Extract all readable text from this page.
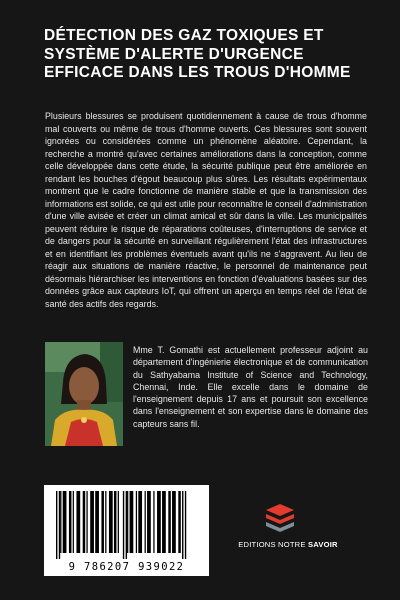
DÉTECTION DES GAZ TOXIQUES ET SYSTÈME D'ALERTE D'URGENCE EFFICACE DANS LES TROUS D'HOMME
Plusieurs blessures se produisent quotidiennement à cause de trous d'homme mal couverts ou même de trous d'homme ouverts. Ces blessures sont souvent ignorées ou considérées comme un phénomène aléatoire. Cependant, la recherche a montré qu'avec certaines améliorations dans la conception, comme celle développée dans cette étude, la sécurité publique peut être améliorée en rendant les bouches d'égout beaucoup plus sûres. Les résultats expérimentaux montrent que le cadre fonctionne de manière stable et que la transmission des informations est solide, ce qui est utile pour reconnaître le conseil d'administration d'une ville avisée et créer un climat amical et sûr dans la ville. Les municipalités peuvent réduire le risque de réparations coûteuses, d'interruptions de service et de dangers pour la sécurité en surveillant régulièrement l'état des infrastructures et en identifiant les problèmes éventuels avant qu'ils ne s'aggravent. Au lieu de réagir aux situations de manière réactive, le personnel de maintenance peut désormais hiérarchiser les interventions en fonction d'évaluations basées sur des données grâce aux capteurs IoT, qui offrent un aperçu en temps réel de l'état de santé des actifs des regards.
Mme T. Gomathi est actuellement professeur adjoint au département d'ingénierie électronique et de communication du Sathyabama Institute of Science and Technology, Chennai, Inde. Elle excelle dans le domaine de l'enseignement depuis 17 ans et poursuit son excellence dans l'enseignement et son expertise dans le domaine des capteurs sans fil.
9 786207 939022
EDITIONS NOTRE SAVOIR
